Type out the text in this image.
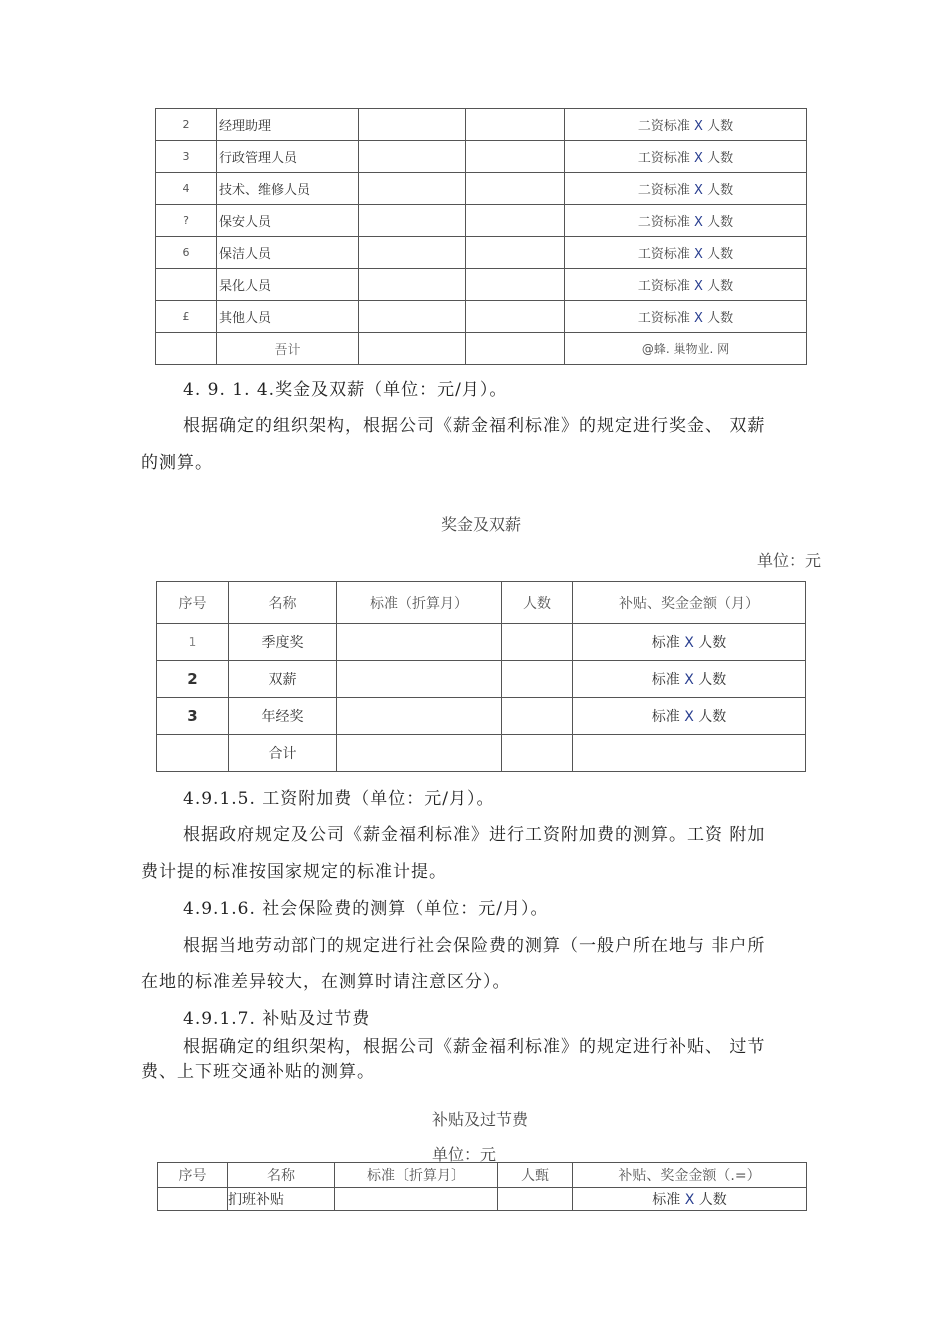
2	经理助理			二资标准 X 人数
3	行政管理人员			工资标准 X 人数
4	技术、维修人员			二资标准 X 人数
?	保安人员			二资标准 X 人数
6	保洁人员			工资标准 X 人数
	杲化人员			工资标准 X 人数
£	其他人员			工资标准 X 人数
	吾计			@蜂. 巢物业. 网
4. 9. 1. 4.奖金及双薪（单位：元/月）。
根据确定的组织架构，根据公司《薪金福利标准》的规定进行奖金、 双薪
的测算。
奖金及双薪
单位：元
序号	名称	标准（折算月）	人数	补贴、奖金金额（月）
1	季度奖			标准 X 人数
2	双薪			标准 X 人数
3	年经奖			标准 X 人数
	合计			
4.9.1.5. 工资附加费（单位：元/月）。
根据政府规定及公司《薪金福利标准》进行工资附加费的测算。工资 附加
费计提的标准按国家规定的标准计提。
4.9.1.6. 社会保险费的测算（单位：元/月）。
根据当地劳动部门的规定进行社会保险费的测算（一般户所在地与 非户所
在地的标准差异较大，在测算时请注意区分）。
4.9.1.7. 补贴及过节费
根据确定的组织架构，根据公司《薪金福利标准》的规定进行补贴、 过节
费、上下班交通补贴的测算。
补贴及过节费
单位：元
序号	名称	标准〔折算月〕	人甄	补贴、奖金金额（.=）
	扪班补贴			标准 X 人数
